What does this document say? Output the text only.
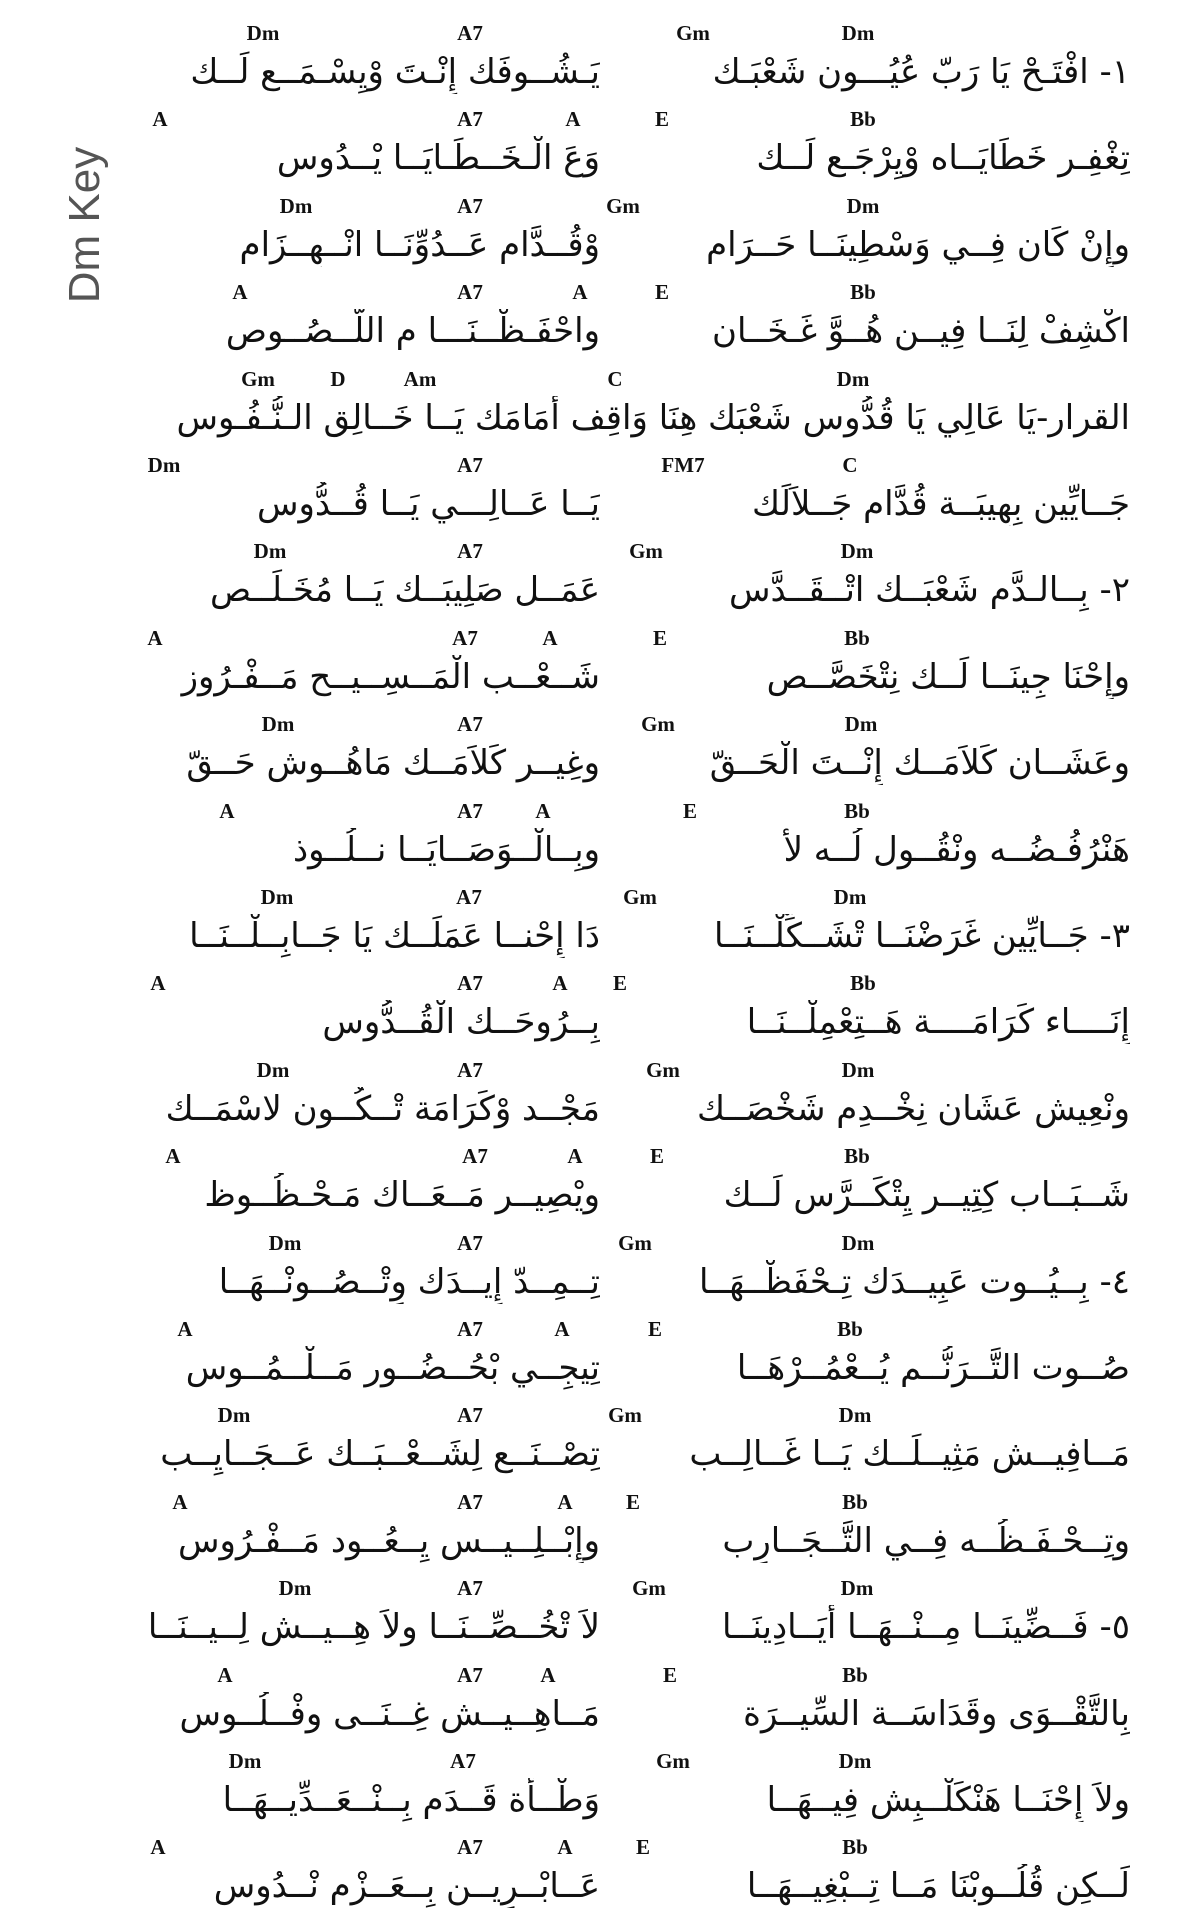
Dm Key
Dm	A7	Gm	Dm
١- افْتَـحْ يَا رَبّ عُيُـــون شَعْبَـك
يَـشُــوفَك إِنْـتَ وْيِسْـمَــع لَــك
A	A7	A	E	Bb
تِغْفِـر خَطَايَــاه وْيِرْجَـع لَــك
وَعَ الْـخَــطَـايَــا يْــدُوس
Dm	A7	Gm	Dm
وإِنْ كَان فِــي وَسْطِينَــا حَــرَام
وْقُــدَّام عَــدُوِّنَــا انْــهِــزَام
A	A7	A	E	Bb
اكْشِفْ لِنَــا فِيــن هُــوَّ غَـخَــان
واحْفَـظْــنَـــا م اللُّــصُــوص
Gm	D	Am	C	Dm
القرار-يَا عَالِي يَا قُدُّوس شَعْبَك هِنَا وَاقِف أَمَامَك يَــا خَــالِق الـنُّـفُـوس
Dm	A7	FM7	C
جَــايِّين بِهِيبَــة قُدَّام جَــلاَلَك
يَــا عَــالِـــي يَــا قُــدُّوس
Dm	A7	Gm	Dm
٢- بِــالـدَّم شَعْبَــك اتْــقَــدَّس
عَمَــل صَلِيبَــك يَــا مُخَـلِّــص
A	A7	A	E	Bb
وإِحْنَا جِينَــا لَــك نِتْخَصَّــص
شَــعْــب الْمَــسِــيــح مَــفْـرُوز
Dm	A7	Gm	Dm
وعَشَــان كَلاَمَــك إِنْــتَ الْحَــقّ
وغِيــر كَلاَمَــك مَاهُــوش حَــقّ
A	A7	A	E	Bb
هَنْرُفُـضُــه ونْقُــول لُــه لأ
وبِــالْــوَصَــايَــا نــلُــوذ
Dm	A7	Gm	Dm
٣- جَــايِّين غَرَضْنَــا تْشَــكِّلْــنَــا
دَا إِحْنــا عَمَلَــك يَا جَــابِــلْــنَــا
A	A7	A E	Bb
إِنَــــاء كَرَامَــــة هَــتِعْمِلْــنَــا
بِــرُوحَــك الْقُــدُّوس
Dm	A7	Gm	Dm
ونْعِيش عَشَان نِخْــدِم شَخْصَــك
مَجْــد وْكَرَامَة تْــكُــون لاسْمَــك
A	A7	A	E	Bb
شَــبَــاب كِتِيــر يِتْكَــرَّس لَــك
ويْصِيــر مَــعَــاك مَـحْـظُــوظ
Dm	A7	Gm	Dm
٤- بِــيُــوت عَبِيــدَك تِـحْفَظْــهَــا
تِــمِــدّ إِيــدَك وِتْــصُــونْــهَــا
A	A7	A	E	Bb
صُــوت التَّــرَنُّــم يُــعْمُــرْهَــا
تِيجِــي بْحُــضُــور مَــلْــمُــوس
Dm	A7	Gm	Dm
مَــافِيــش مَثِيــلَــك يَــا غَــالِــب
تِصْــنَــع لِشَــعْــبَــك عَــجَــايِــب
A	A7	A	E	Bb
وتِــحْـفَـظُــه فِــي التَّــجَــارِب
وإِبْــلِــيــس يِــعُــود مَــفْـرُوس
Dm	A7	Gm	Dm
٥- فَــضِّينَــا مِــنْــهَــا أَيَــادِينَــا
لاَ تْخُــصِّــنَــا ولاَ هِــيــش لِــيــنَــا
A	A7	A	E	Bb
بِالتَّقْــوَى وقَدَاسَــة السِّيــرَة
مَــاهِــيــش غِــنَــى وفْــلُــوس
Dm	A7	Gm	Dm
ولاَ إِحْنَــا هَنْكَلْــبِش فِيــهَــا
وَطْــأَة قَــدَم بِــنْــعَــدِّيــهَــا
A	A7	A	E	Bb
لَــكِن قُلُــوبْنَا مَــا تِــبْغِيــهَــا
عَــابْــرِيــن بِــعَــزْم نْــدُوس
